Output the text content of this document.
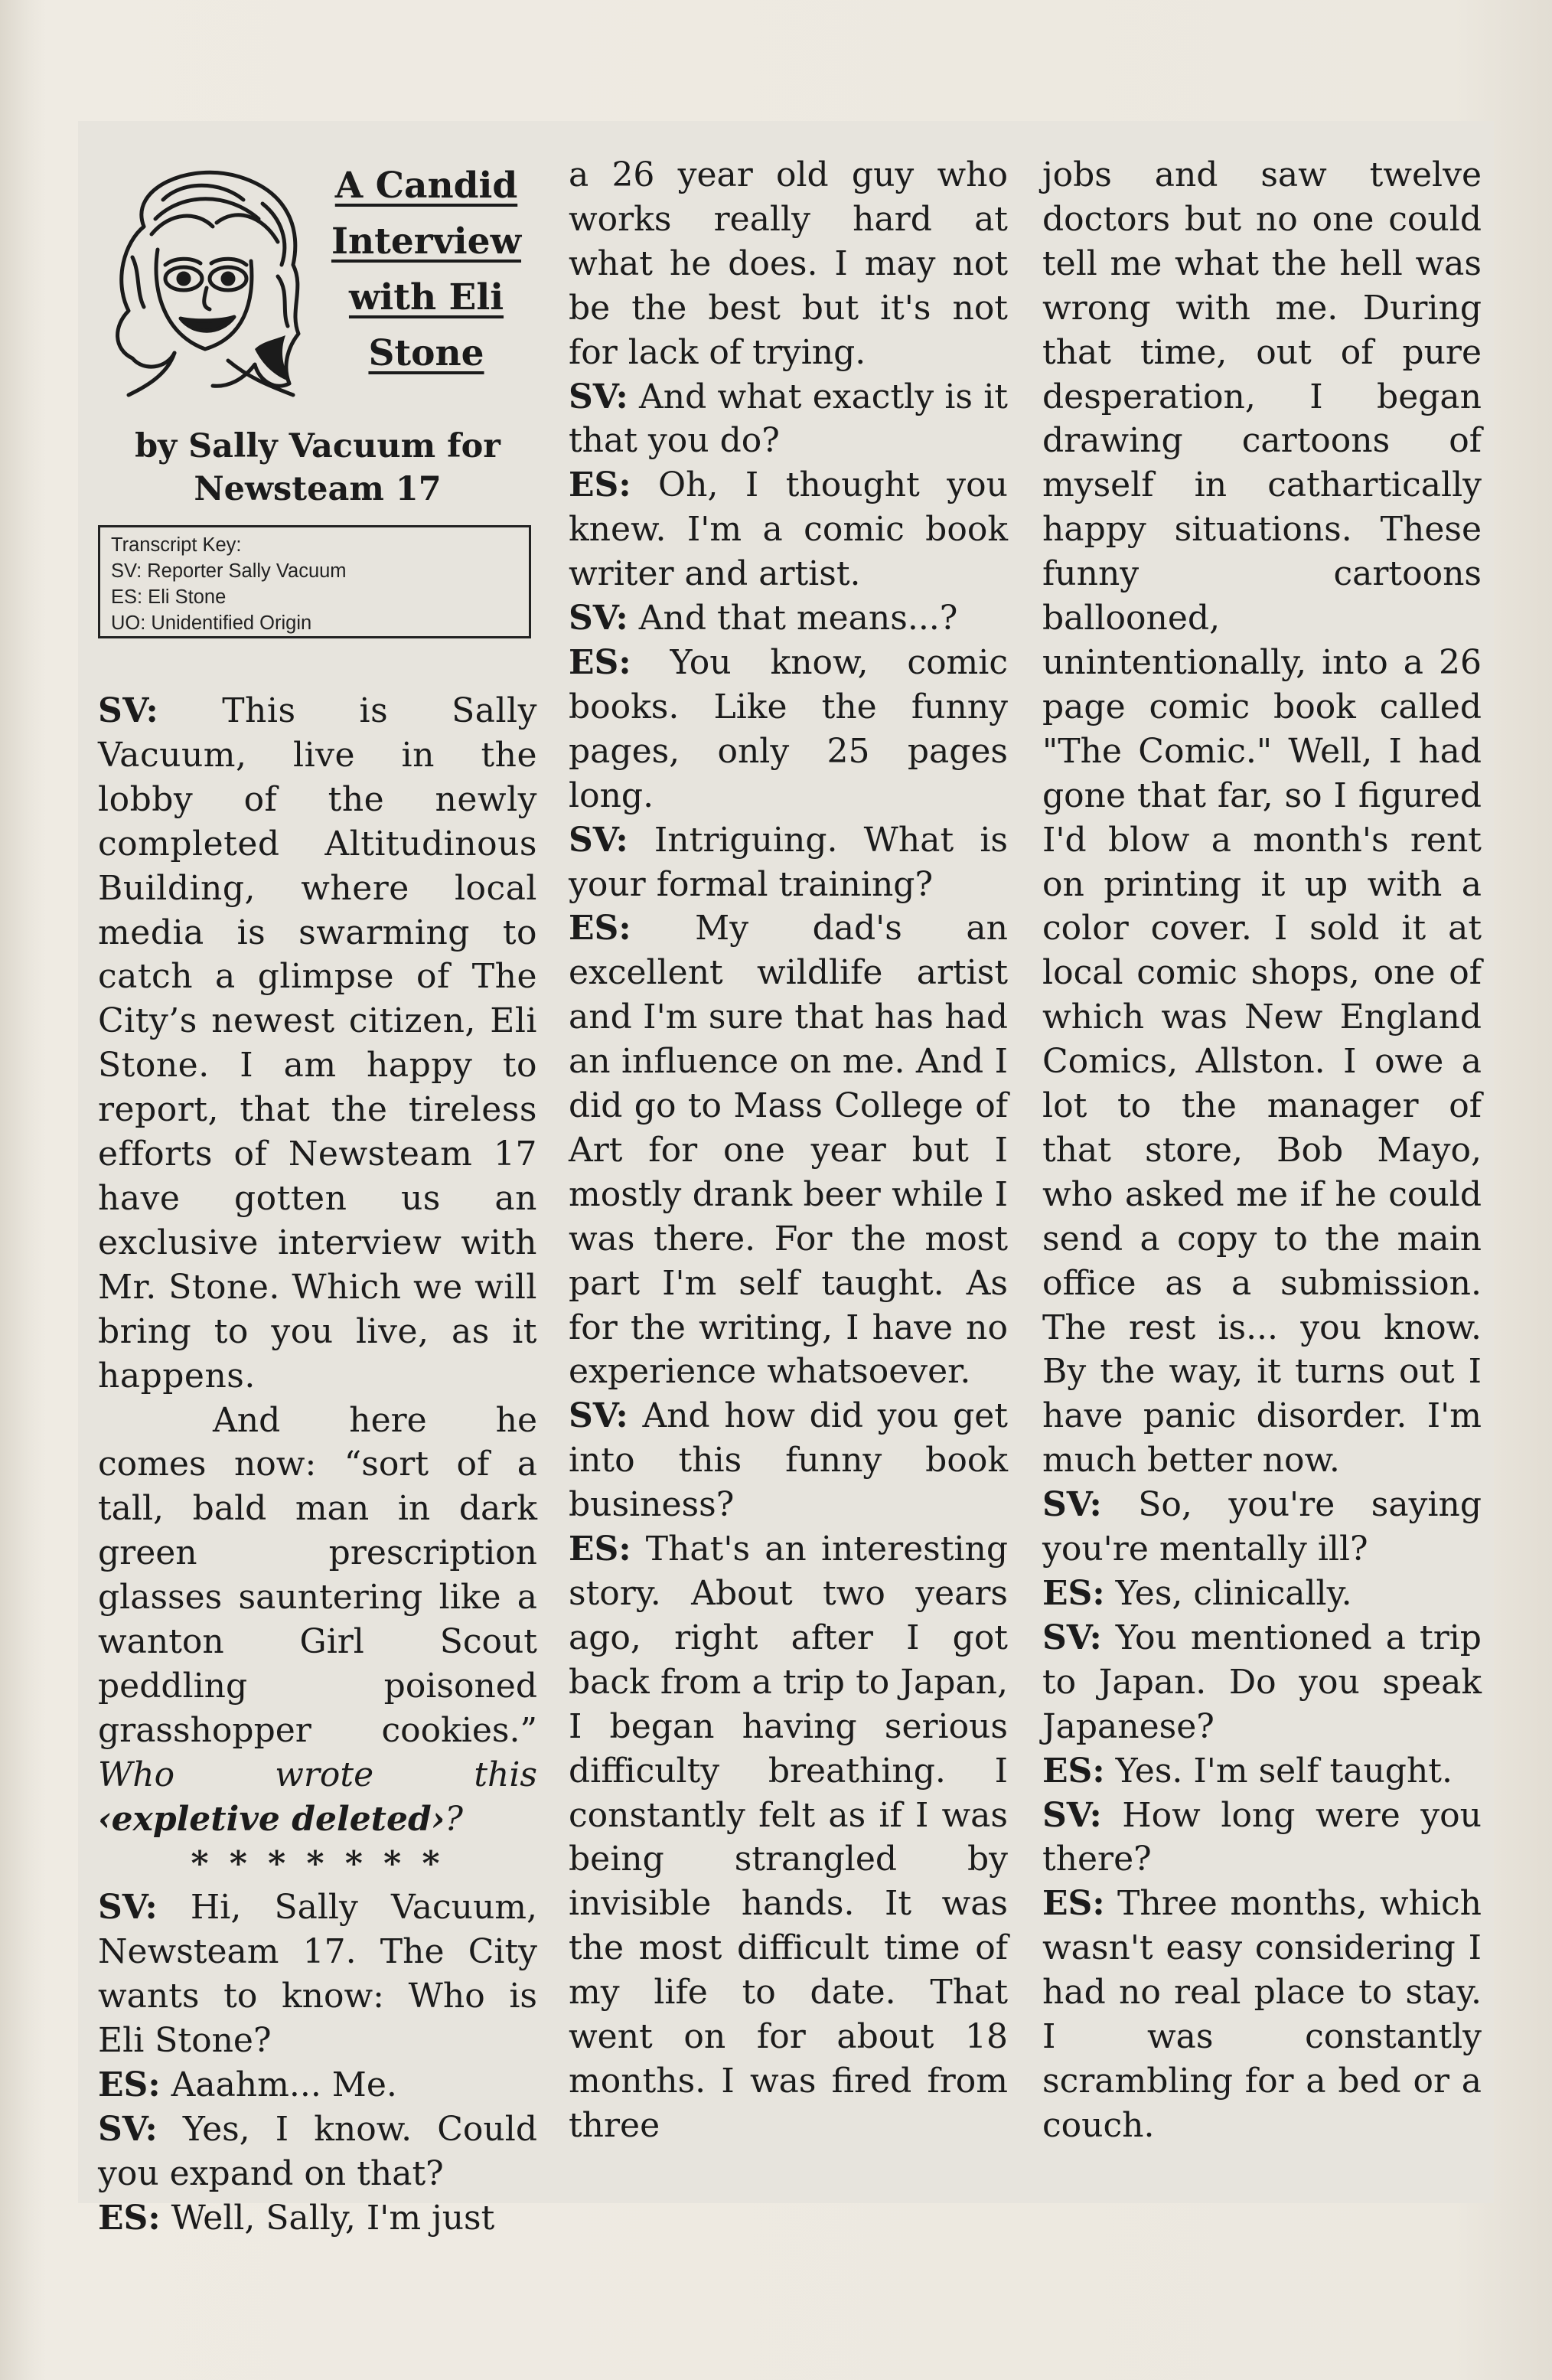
A Candid Interview with Eli Stone
by Sally Vacuum for Newsteam 17
Transcript Key:
SV: Reporter Sally Vacuum
ES: Eli Stone
UO: Unidentified Origin

SV: This is Sally Vacuum, live in the lobby of the newly completed Altitudinous Building, where local media is swarming to catch a glimpse of The City’s newest citizen, Eli Stone. I am happy to report, that the tireless efforts of Newsteam 17 have gotten us an exclusive interview with Mr. Stone. Which we will bring to you live, as it happens.

And here he comes now: “sort of a tall, bald man in dark green prescription glasses sauntering like a wanton Girl Scout peddling poisoned grasshopper cookies.” Who wrote this ‹expletive deleted›?

* * * * * * *

SV: Hi, Sally Vacuum, Newsteam 17. The City wants to know: Who is Eli Stone?

ES: Aaahm... Me.

SV: Yes, I know. Could you expand on that?

ES: Well, Sally, I'm just

a 26 year old guy who works really hard at what he does. I may not be the best but it's not for lack of trying.

SV: And what exactly is it that you do?

ES: Oh, I thought you knew. I'm a comic book writer and artist.

SV: And that means...?

ES: You know, comic books. Like the funny pages, only 25 pages long.

SV: Intriguing. What is your formal training?

ES: My dad's an excellent wildlife artist and I'm sure that has had an influence on me. And I did go to Mass College of Art for one year but I mostly drank beer while I was there. For the most part I'm self taught. As for the writing, I have no experience whatsoever.

SV: And how did you get into this funny book business?

ES: That's an interesting story. About two years ago, right after I got back from a trip to Japan, I began having serious difficulty breathing. I constantly felt as if I was being strangled by invisible hands. It was the most difficult time of my life to date. That went on for about 18 months. I was fired from three

jobs and saw twelve doctors but no one could tell me what the hell was wrong with me. During that time, out of pure desperation, I began drawing cartoons of myself in cathartically happy situations. These funny cartoons ballooned, unintentionally, into a 26 page comic book called "The Comic." Well, I had gone that far, so I figured I'd blow a month's rent on printing it up with a color cover. I sold it at local comic shops, one of which was New England Comics, Allston. I owe a lot to the manager of that store, Bob Mayo, who asked me if he could send a copy to the main office as a submission. The rest is... you know. By the way, it turns out I have panic disorder. I'm much better now.

SV: So, you're saying you're mentally ill?

ES: Yes, clinically.

SV: You mentioned a trip to Japan. Do you speak Japanese?

ES: Yes. I'm self taught.

SV: How long were you there?

ES: Three months, which wasn't easy considering I had no real place to stay. I was constantly scrambling for a bed or a couch.
